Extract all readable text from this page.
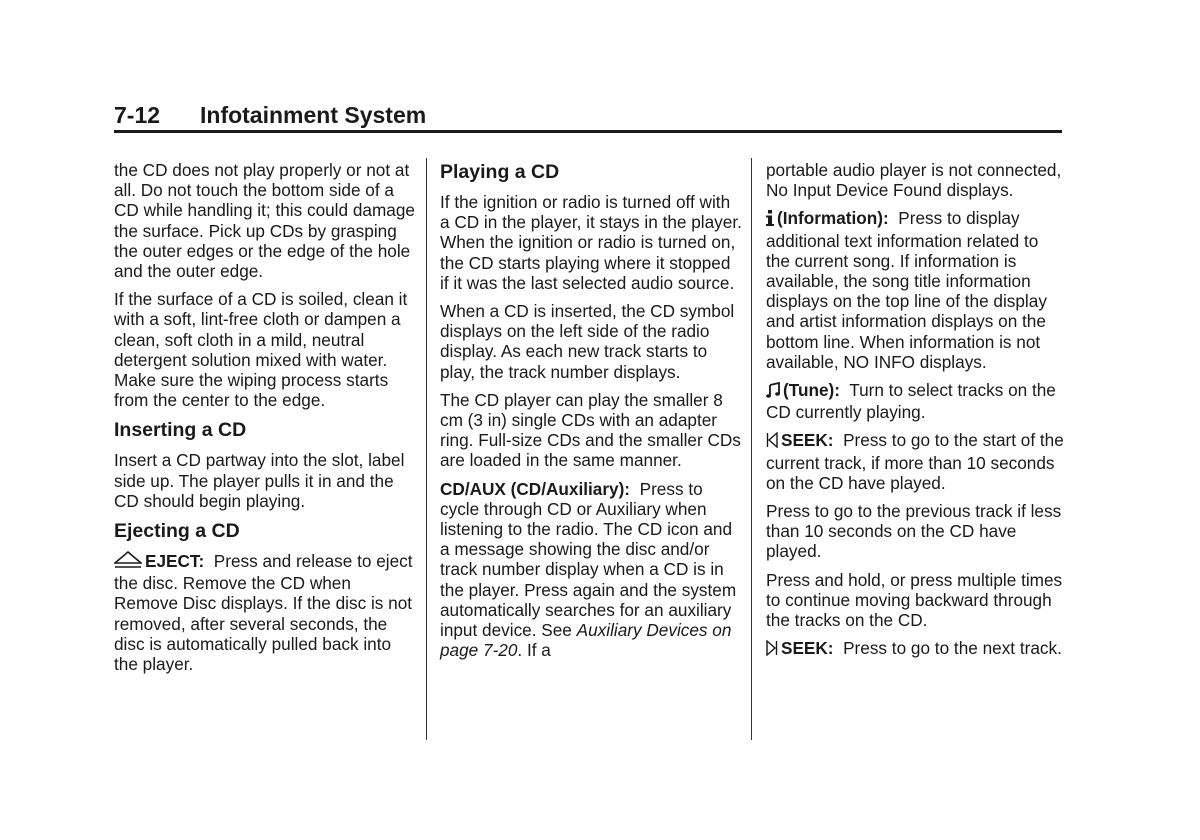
7-12 Infotainment System

the CD does not play properly or not at all. Do not touch the bottom side of a CD while handling it; this could damage the surface. Pick up CDs by grasping the outer edges or the edge of the hole and the outer edge.

If the surface of a CD is soiled, clean it with a soft, lint-free cloth or dampen a clean, soft cloth in a mild, neutral detergent solution mixed with water. Make sure the wiping process starts from the center to the edge.

Inserting a CD

Insert a CD partway into the slot, label side up. The player pulls it in and the CD should begin playing.

Ejecting a CD

EJECT: Press and release to eject the disc. Remove the CD when Remove Disc displays. If the disc is not removed, after several seconds, the disc is automatically pulled back into the player.

Playing a CD

If the ignition or radio is turned off with a CD in the player, it stays in the player. When the ignition or radio is turned on, the CD starts playing where it stopped if it was the last selected audio source.

When a CD is inserted, the CD symbol displays on the left side of the radio display. As each new track starts to play, the track number displays.

The CD player can play the smaller 8 cm (3 in) single CDs with an adapter ring. Full-size CDs and the smaller CDs are loaded in the same manner.

CD/AUX (CD/Auxiliary): Press to cycle through CD or Auxiliary when listening to the radio. The CD icon and a message showing the disc and/or track number display when a CD is in the player. Press again and the system automatically searches for an auxiliary input device. See Auxiliary Devices on page 7-20. If a

portable audio player is not connected, No Input Device Found displays.

(Information): Press to display additional text information related to the current song. If information is available, the song title information displays on the top line of the display and artist information displays on the bottom line. When information is not available, NO INFO displays.

(Tune): Turn to select tracks on the CD currently playing.

SEEK: Press to go to the start of the current track, if more than 10 seconds on the CD have played.

Press to go to the previous track if less than 10 seconds on the CD have played.

Press and hold, or press multiple times to continue moving backward through the tracks on the CD.

SEEK: Press to go to the next track.
